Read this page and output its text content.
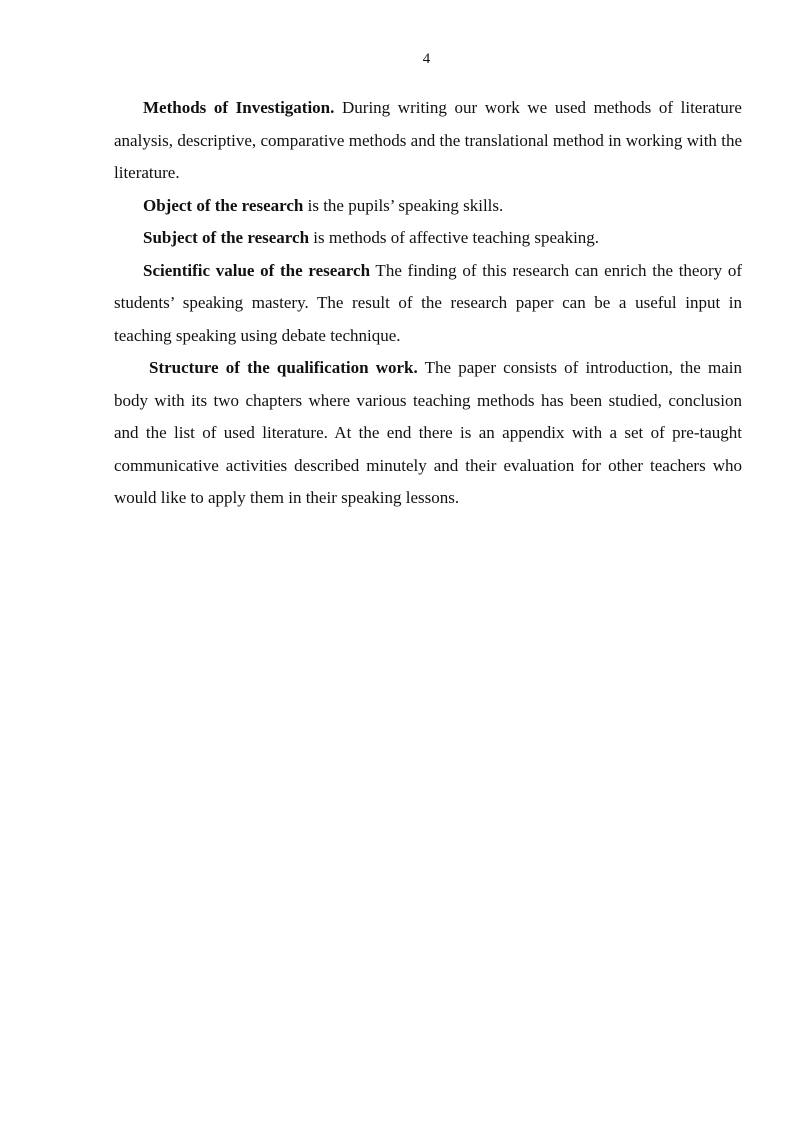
4

Methods of Investigation. During writing our work we used methods of literature analysis, descriptive, comparative methods and the translational method in working with the literature.

Object of the research is the pupils’ speaking skills.

Subject of the research is methods of affective teaching speaking.

Scientific value of the research The finding of this research can enrich the theory of students’ speaking mastery. The result of the research paper can be a useful input in teaching speaking using debate technique.

Structure of the qualification work. The paper consists of introduction, the main body with its two chapters where various teaching methods has been studied, conclusion and the list of used literature. At the end there is an appendix with a set of pre-taught communicative activities described minutely and their evaluation for other teachers who would like to apply them in their speaking lessons.
